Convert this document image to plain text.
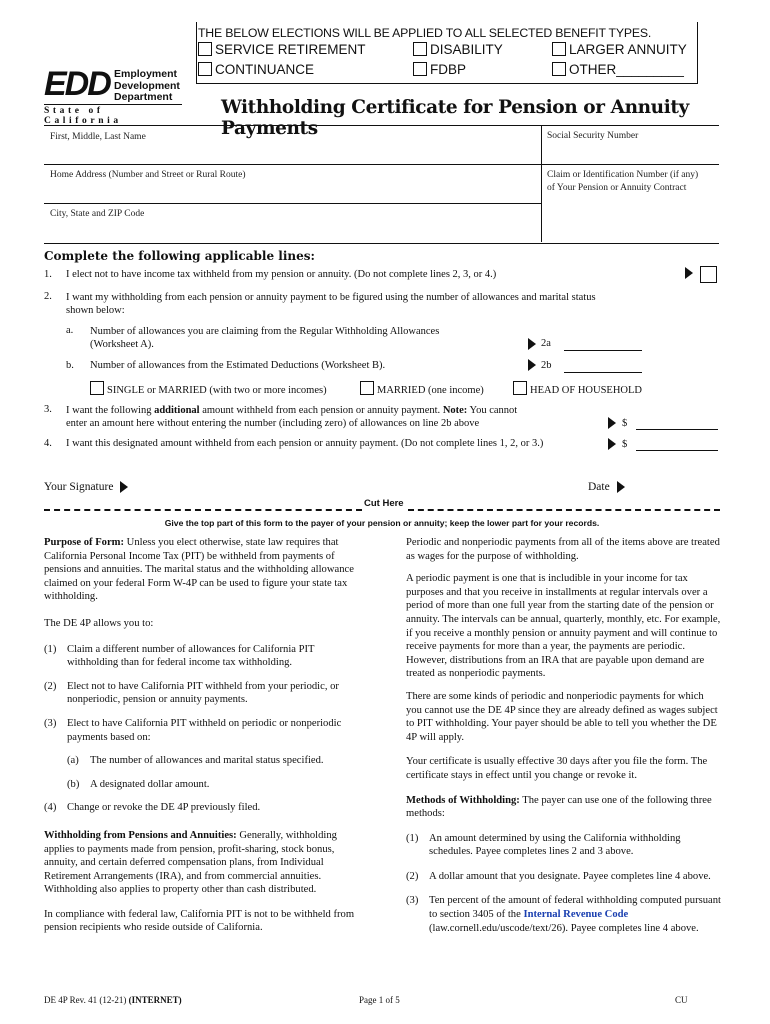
THE BELOW ELECTIONS WILL BE APPLIED TO ALL SELECTED BENEFIT TYPES.
SERVICE RETIREMENT	DISABILITY	LARGER ANNUITY
CONTINUANCE	FDBP	OTHER_________
EDD Employment
Development
Department
State of California
Withholding Certificate for Pension or Annuity Payments
First, Middle, Last Name	Social Security Number
Home Address (Number and Street or Rural Route)	Claim or Identification Number (if any)
of Your Pension or Annuity Contract
City, State and ZIP Code
Complete the following applicable lines:
1. I elect not to have income tax withheld from my pension or annuity. (Do not complete lines 2, 3, or 4.)
2. I want my withholding from each pension or annuity payment to be figured using the number of allowances and marital status
shown below:
a. Number of allowances you are claiming from the Regular Withholding Allowances
(Worksheet A).	2a
b. Number of allowances from the Estimated Deductions (Worksheet B).	2b
SINGLE or MARRIED (with two or more incomes)	MARRIED (one income)	HEAD OF HOUSEHOLD
3. I want the following additional amount withheld from each pension or annuity payment. Note: You cannot
enter an amount here without entering the number (including zero) of allowances on line 2b above	$
4. I want this designated amount withheld from each pension or annuity payment. (Do not complete lines 1, 2, or 3.)	$
Your Signature	Date
Cut Here
Give the top part of this form to the payer of your pension or annuity; keep the lower part for your records.

Purpose of Form: Unless you elect otherwise, state law requires that California Personal Income Tax (PIT) be withheld from payments of pensions and annuities. The marital status and the withholding allowance claimed on your federal Form W-4P can be used to figure your state tax withholding.

The DE 4P allows you to:

(1)	Claim a different number of allowances for California PIT withholding than for federal income tax withholding.
(2)	Elect not to have California PIT withheld from your periodic, or nonperiodic, pension or annuity payments.
(3)	Elect to have California PIT withheld on periodic or nonperiodic payments based on:
(a)	The number of allowances and marital status specified.
(b)	A designated dollar amount.
(4)	Change or revoke the DE 4P previously filed.

Withholding from Pensions and Annuities: Generally, withholding applies to payments made from pension, profit-sharing, stock bonus, annuity, and certain deferred compensation plans, from Individual Retirement Arrangements (IRA), and from commercial annuities. Withholding also applies to property other than cash distributed.

In compliance with federal law, California PIT is not to be withheld from pension recipients who reside outside of California.

Periodic and nonperiodic payments from all of the items above are treated as wages for the purpose of withholding.

A periodic payment is one that is includible in your income for tax purposes and that you receive in installments at regular intervals over a period of more than one full year from the starting date of the pension or annuity. The intervals can be annual, quarterly, monthly, etc. For example, if you receive a monthly pension or annuity payment and will continue to receive payments for more than a year, the payments are periodic. However, distributions from an IRA that are payable upon demand are treated as nonperiodic payments.

There are some kinds of periodic and nonperiodic payments for which you cannot use the DE 4P since they are already defined as wages subject to PIT withholding. Your payer should be able to tell you whether the DE 4P will apply.

Your certificate is usually effective 30 days after you file the form. The certificate stays in effect until you change or revoke it.

Methods of Withholding: The payer can use one of the following three methods:

(1)	An amount determined by using the California withholding schedules. Payee completes lines 2 and 3 above.
(2)	A dollar amount that you designate. Payee completes line 4 above.
(3)	Ten percent of the amount of federal withholding computed pursuant to section 3405 of the Internal Revenue Code (law.cornell.edu/uscode/text/26). Payee completes line 4 above.
DE 4P Rev. 41 (12-21) (INTERNET)	Page 1 of 5	CU
